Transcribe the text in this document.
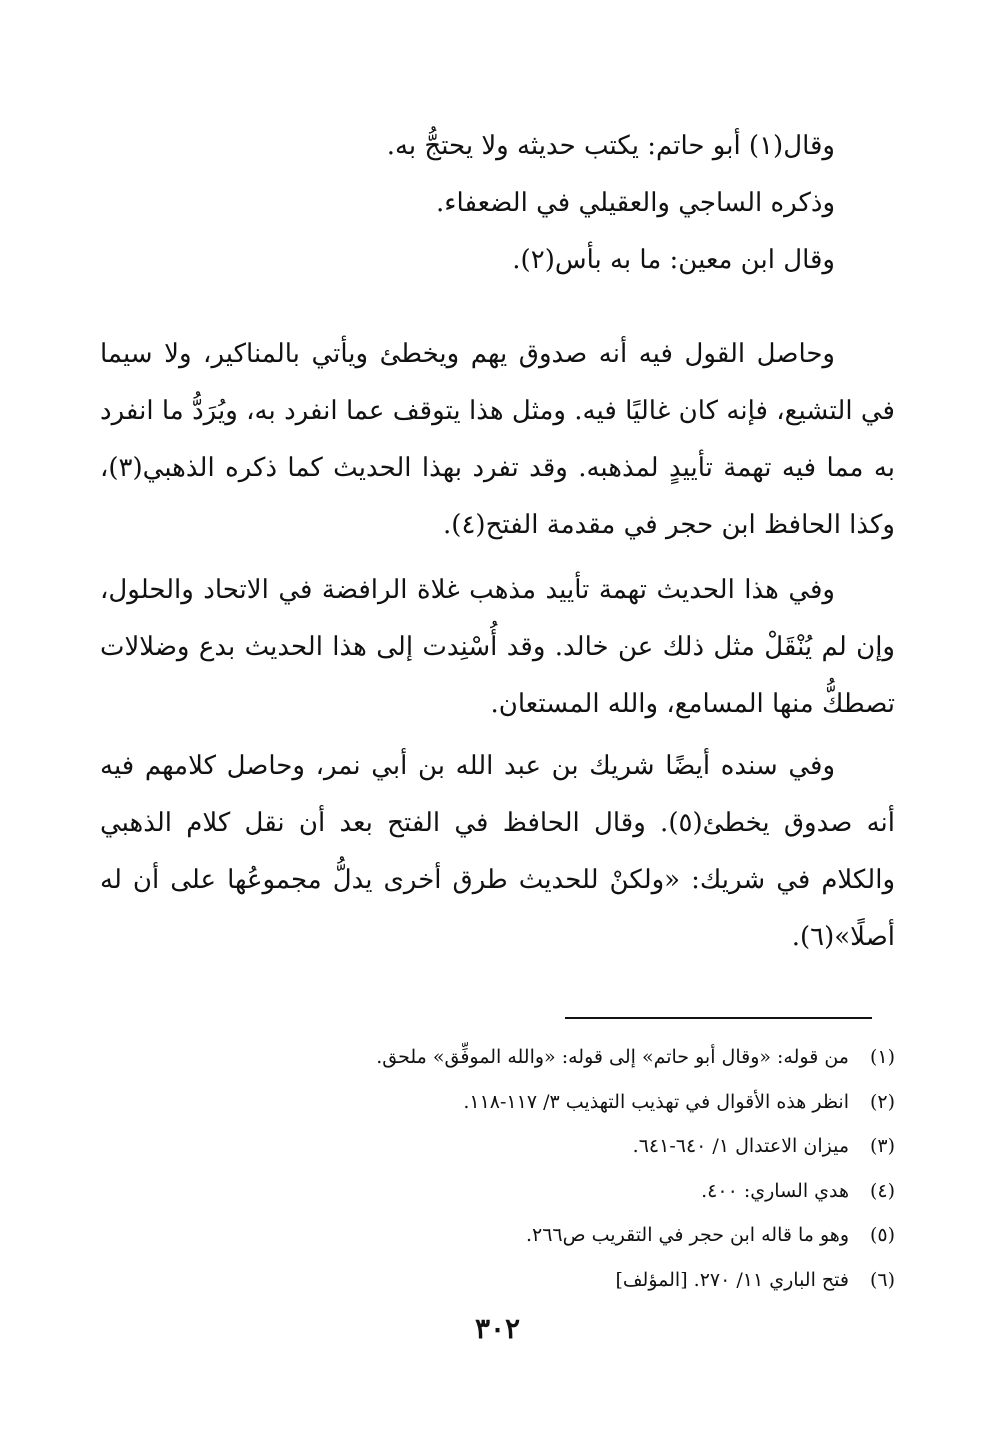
وقال(١) أبو حاتم: يكتب حديثه ولا يحتجُّ به.

وذكره الساجي والعقيلي في الضعفاء.

وقال ابن معين: ما به بأس(٢).

وحاصل القول فيه أنه صدوق يهم ويخطئ ويأتي بالمناكير، ولا سيما في التشيع، فإنه كان غاليًا فيه. ومثل هذا يتوقف عما انفرد به، ويُرَدُّ ما انفرد به مما فيه تهمة تأييدٍ لمذهبه. وقد تفرد بهذا الحديث كما ذكره الذهبي(٣)، وكذا الحافظ ابن حجر في مقدمة الفتح(٤).

وفي هذا الحديث تهمة تأييد مذهب غلاة الرافضة في الاتحاد والحلول، وإن لم يُنْقَلْ مثل ذلك عن خالد. وقد أُسْنِدت إلى هذا الحديث بدع وضلالات تصطكُّ منها المسامع، والله المستعان.

وفي سنده أيضًا شريك بن عبد الله بن أبي نمر، وحاصل كلامهم فيه أنه صدوق يخطئ(٥). وقال الحافظ في الفتح بعد أن نقل كلام الذهبي والكلام في شريك: «ولكنْ للحديث طرق أخرى يدلُّ مجموعُها على أن له أصلًا»(٦).

(١)من قوله: «وقال أبو حاتم» إلى قوله: «والله الموفِّق» ملحق.

(٢)انظر هذه الأقوال في تهذيب التهذيب ٣/ ١١٧-١١٨.

(٣)ميزان الاعتدال ١/ ٦٤٠-٦٤١.

(٤)هدي الساري: ٤٠٠.

(٥)وهو ما قاله ابن حجر في التقريب ص٢٦٦.

(٦)فتح الباري ١١/ ٢٧٠. [المؤلف]

٣٠٢
